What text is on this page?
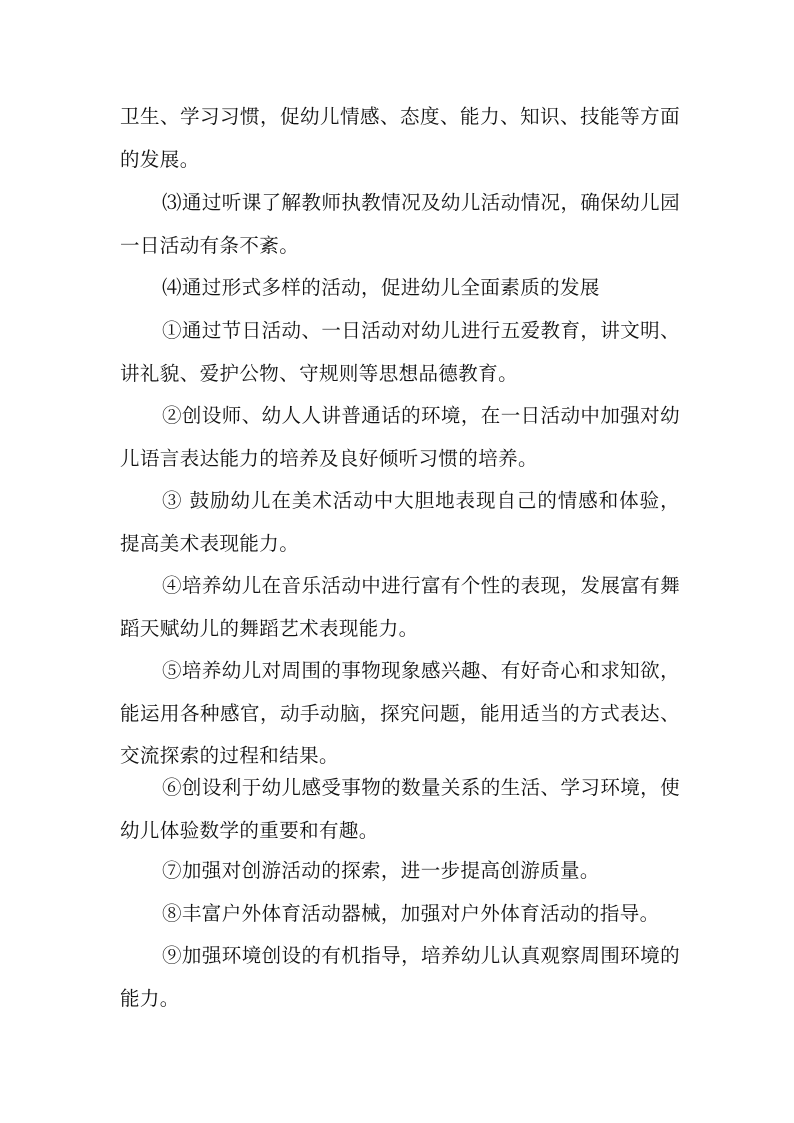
卫生、学习习惯，促幼儿情感、态度、能力、知识、技能等方面的发展。

⑶通过听课了解教师执教情况及幼儿活动情况，确保幼儿园一日活动有条不紊。

⑷通过形式多样的活动，促进幼儿全面素质的发展

①通过节日活动、一日活动对幼儿进行五爱教育，讲文明、讲礼貌、爱护公物、守规则等思想品德教育。

②创设师、幼人人讲普通话的环境，在一日活动中加强对幼儿语言表达能力的培养及良好倾听习惯的培养。

③ 鼓励幼儿在美术活动中大胆地表现自己的情感和体验，提高美术表现能力。

④培养幼儿在音乐活动中进行富有个性的表现，发展富有舞蹈天赋幼儿的舞蹈艺术表现能力。

⑤培养幼儿对周围的事物现象感兴趣、有好奇心和求知欲，能运用各种感官，动手动脑，探究问题，能用适当的方式表达、交流探索的过程和结果。

⑥创设利于幼儿感受事物的数量关系的生活、学习环境，使幼儿体验数学的重要和有趣。

⑦加强对创游活动的探索，进一步提高创游质量。

⑧丰富户外体育活动器械，加强对户外体育活动的指导。

⑨加强环境创设的有机指导，培养幼儿认真观察周围环境的能力。
